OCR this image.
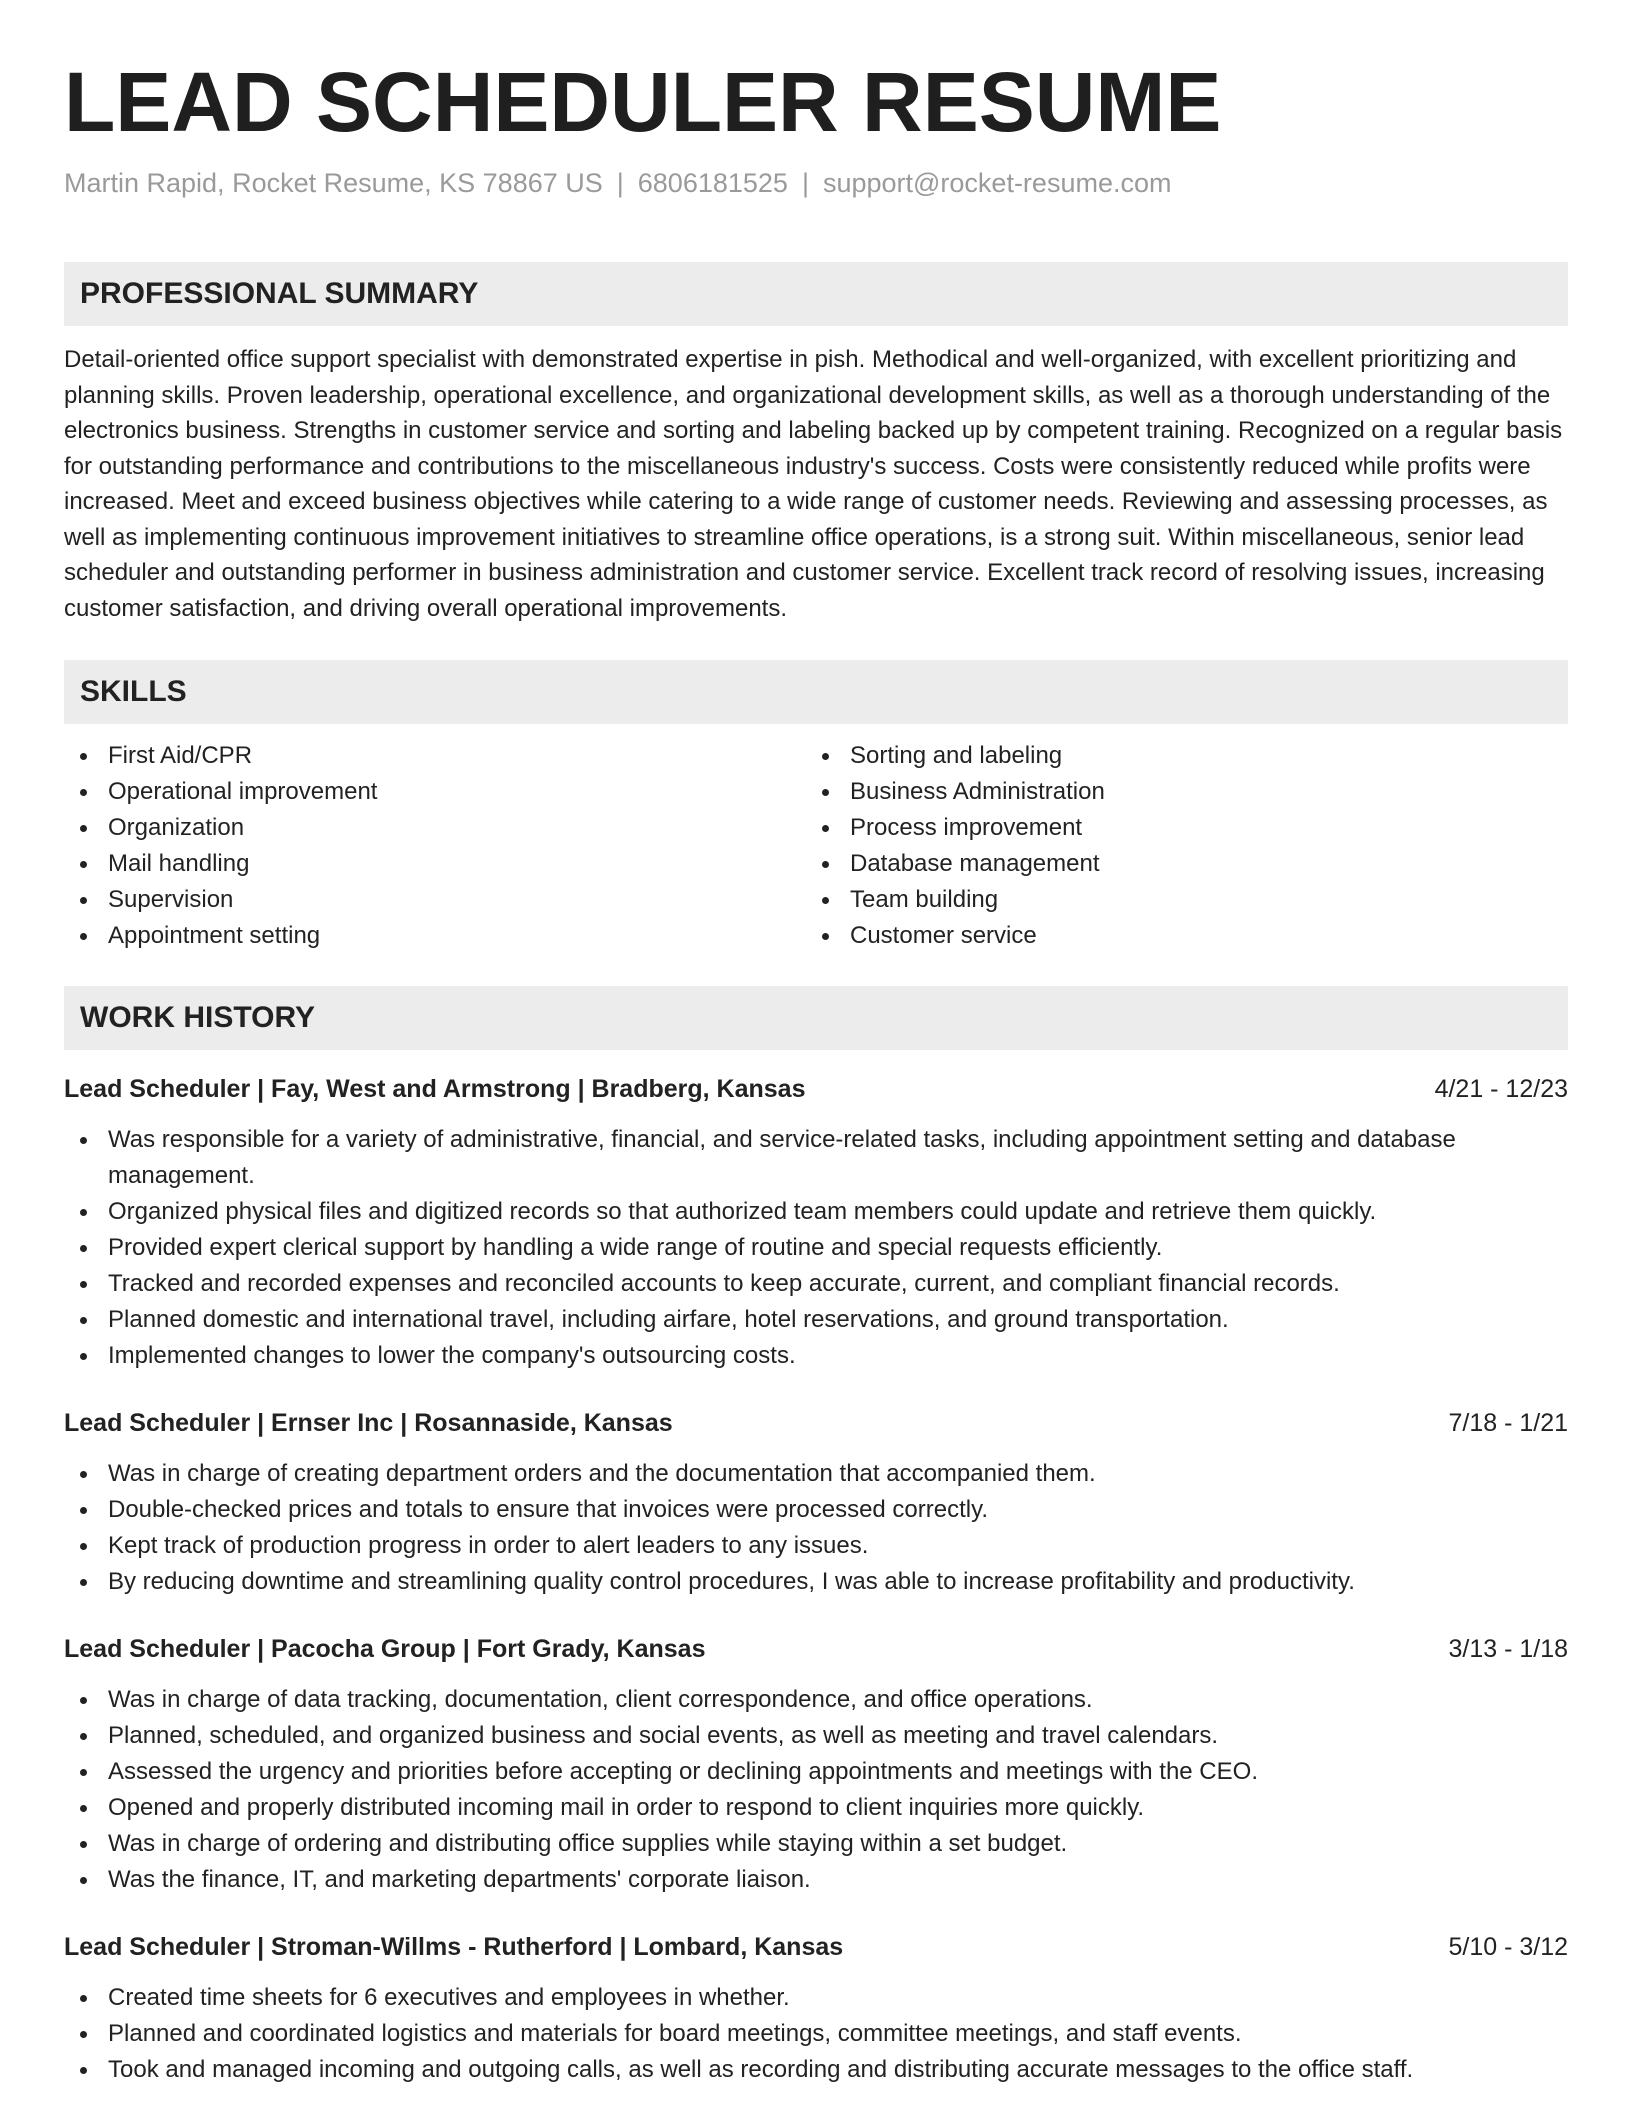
LEAD SCHEDULER RESUME
Martin Rapid, Rocket Resume, KS 78867 US | 6806181525 | support@rocket-resume.com
PROFESSIONAL SUMMARY

Detail-oriented office support specialist with demonstrated expertise in pish. Methodical and well-organized, with excellent prioritizing and planning skills. Proven leadership, operational excellence, and organizational development skills, as well as a thorough understanding of the electronics business. Strengths in customer service and sorting and labeling backed up by competent training. Recognized on a regular basis for outstanding performance and contributions to the miscellaneous industry's success. Costs were consistently reduced while profits were increased. Meet and exceed business objectives while catering to a wide range of customer needs. Reviewing and assessing processes, as well as implementing continuous improvement initiatives to streamline office operations, is a strong suit. Within miscellaneous, senior lead scheduler and outstanding performer in business administration and customer service. Excellent track record of resolving issues, increasing customer satisfaction, and driving overall operational improvements.

SKILLS
First Aid/CPR
Operational improvement
Organization
Mail handling
Supervision
Appointment setting
Sorting and labeling
Business Administration
Process improvement
Database management
Team building
Customer service
WORK HISTORY
Lead Scheduler | Fay, West and Armstrong | Bradberg, Kansas	4/21 - 12/23
Was responsible for a variety of administrative, financial, and service-related tasks, including appointment setting and database management.
Organized physical files and digitized records so that authorized team members could update and retrieve them quickly.
Provided expert clerical support by handling a wide range of routine and special requests efficiently.
Tracked and recorded expenses and reconciled accounts to keep accurate, current, and compliant financial records.
Planned domestic and international travel, including airfare, hotel reservations, and ground transportation.
Implemented changes to lower the company's outsourcing costs.
Lead Scheduler | Ernser Inc | Rosannaside, Kansas	7/18 - 1/21
Was in charge of creating department orders and the documentation that accompanied them.
Double-checked prices and totals to ensure that invoices were processed correctly.
Kept track of production progress in order to alert leaders to any issues.
By reducing downtime and streamlining quality control procedures, I was able to increase profitability and productivity.
Lead Scheduler | Pacocha Group | Fort Grady, Kansas	3/13 - 1/18
Was in charge of data tracking, documentation, client correspondence, and office operations.
Planned, scheduled, and organized business and social events, as well as meeting and travel calendars.
Assessed the urgency and priorities before accepting or declining appointments and meetings with the CEO.
Opened and properly distributed incoming mail in order to respond to client inquiries more quickly.
Was in charge of ordering and distributing office supplies while staying within a set budget.
Was the finance, IT, and marketing departments' corporate liaison.
Lead Scheduler | Stroman-Willms - Rutherford | Lombard, Kansas	5/10 - 3/12
Created time sheets for 6 executives and employees in whether.
Planned and coordinated logistics and materials for board meetings, committee meetings, and staff events.
Took and managed incoming and outgoing calls, as well as recording and distributing accurate messages to the office staff.
